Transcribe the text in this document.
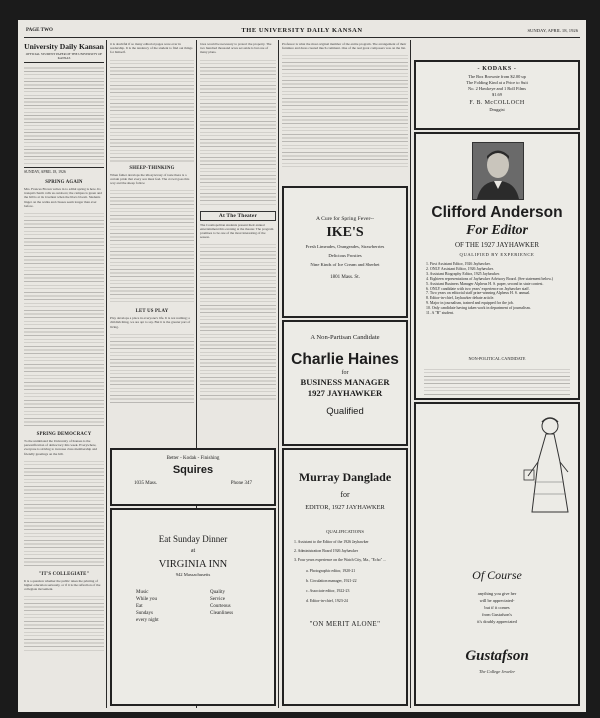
PAGE TWO	THE UNIVERSITY DAILY KANSAN	SUNDAY, APRIL 18, 1926
University Daily Kansan
OFFICIAL STUDENT PAPER OF THE UNIVERSITY OF KANSAS
SUNDAY, APRIL 18, 1926
SPRING AGAIN
Mrs. Frances Brown writes in to admit spring is here. Its tranquil charm calls us outdoors; the campus is green and the hill is at its loveliest when the lilacs bloom. Students linger on the walks and classes seem longer than ever before.
SPRING DEMOCRACY
To the uninitiated the University of Kansas is the personification of democracy this week. Everywhere, everyone is striving to increase class membership and friendly greetings on the hill.
"IT'S COLLEGIATE"
It is a question whether the public takes the printing of higher education seriously, or if it is the reflection of the collegiate movement.
it is doubtful if so many editorial pages were ever in readership. It is the tendency of the student to find out things for himself.
SHEEP-THINKING
When father develops the idiosyncrasy of taste there is a certain pride that every son must feel. The crowd goes this way and the sheep follow.
LET US PLAY
Play develops a place in everyone's life. It is not nothing; a childish thing, we are apt to say. But it is the greater part of living.
laws would be necessary to protect the property. The two hundred thousand acres set aside is but one of many plans.
At The Theater
The Cosmopolitan students present their annual entertainment this evening at the theater. The program promises to be one of the most interesting of the season.
Professor is what the most original member of the entire program. The arrangement of their furniture and dress created much comment. One of the real great composers was on the list.
A Cure for Spring Fever--
IKE'S
Fresh Limeades, Orangeades, Strawberries
Delicious Frosties
Nine Kinds of Ice Cream and Sherbet
1801 Mass. St.
A Non-Partisan Candidate
Charlie Haines
for
BUSINESS MANAGER
1927 JAYHAWKER
Qualified
Better - Kodak - Finishing
Squires
1035 Mass.	Phone 347
Eat Sunday Dinner
at
VIRGINIA INN
942 Massachusetts
Music
While you
Eat
Sundays
every night
Quality
Service
Courteous
Cleanliness
Murray Danglade
for
EDITOR, 1927 JAYHAWKER
QUALIFICATIONS
1. Assistant to the Editor of the 1926 Jayhawker
2. Administration Board 1926 Jayhawker
3. Four years experience on the Watch City, Ma., "Echo" ...
a. Photographic editor, 1920-21
b. Circulation manager, 1921-22
c. Associate editor, 1922-23
d. Editor-in-chief, 1923-24
"ON MERIT ALONE"
- KODAKS -
The Box Brownie from $2.00 up
The Folding Kind at a Price to Suit
No. 2 Hawkeye and 1 Roll Films
$1.69
F. B. McCOLLOCH
Druggist
Clifford Anderson
For Editor
OF THE 1927 JAYHAWKER
QUALIFIED BY EXPERIENCE
1. First Assistant Editor, 1926 Jayhawker.
2. ONLY Assistant Editor, 1926 Jayhawker.
3. Assistant Biography Editor, 1925 Jayhawker.
4. Eighteen representations of Jayhawker Advisory Board. (See statement below.)
5. Assistant Business Manager Alpheus H. S. paper, second in state contest.
6. ONLY candidate with two years' experience on Jayhawker staff.
7. Two years on editorial staff prize-winning Alpheus H. S. annual.
8. Editor-in-chief, Jayhawker debate article.
9. Major in journalism, trained and equipped for the job.
10. Only candidate having taken work in department of journalism.
11. A "B" student.
NON-POLITICAL CANDIDATE
Of Course
anything you give her
will be appreciated-
but if it comes
from Gustafson's
it's doubly appreciated
Gustafson
The College Jeweler
